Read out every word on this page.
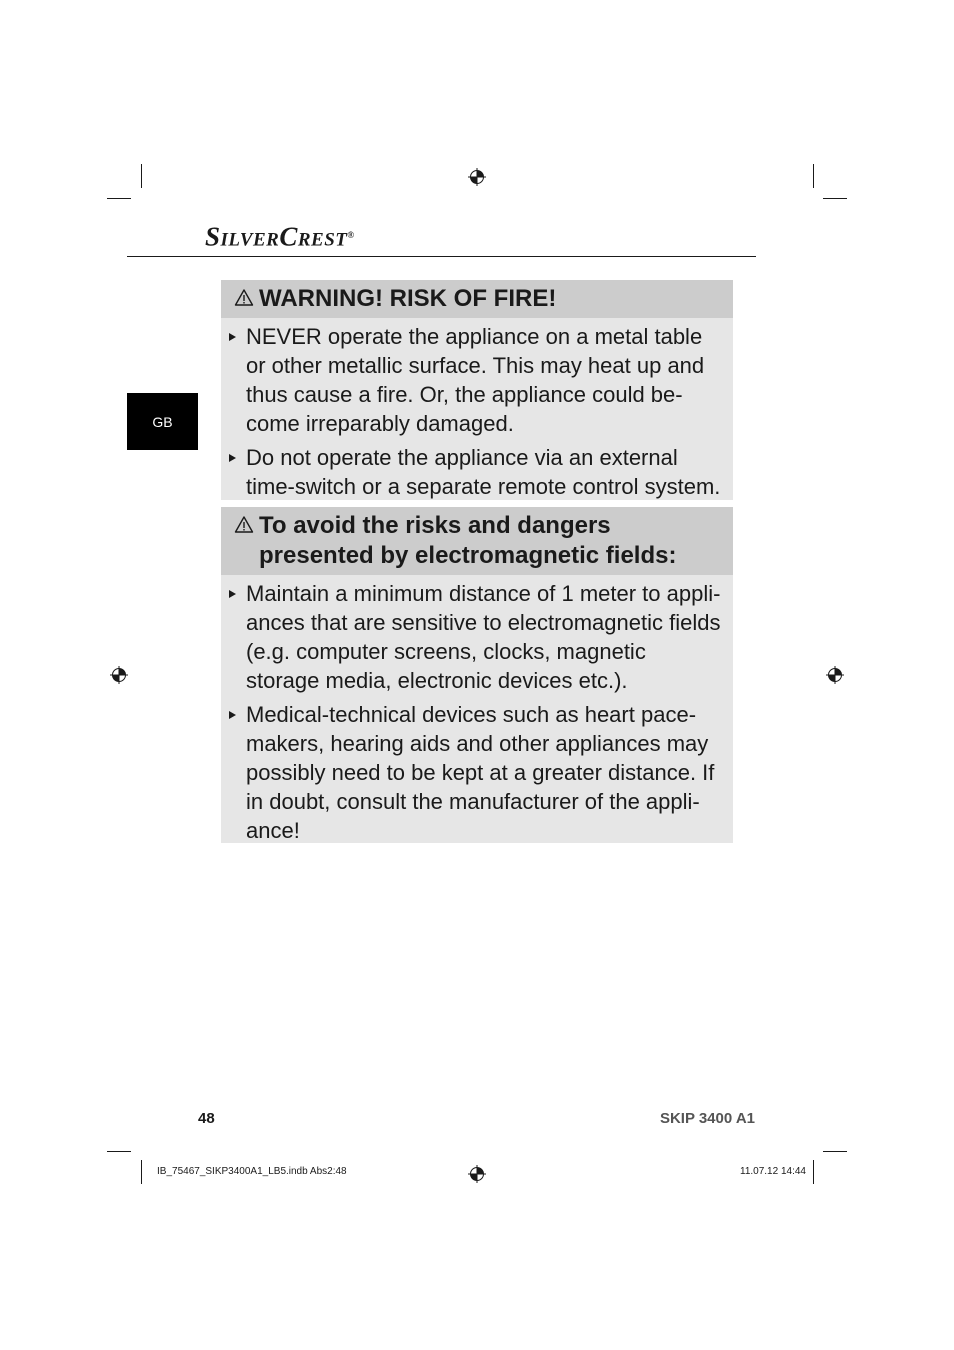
SILVERCREST®
GB
WARNING! RISK OF FIRE!
NEVER operate the appliance on a metal table or other metallic surface. This may heat up and thus cause a fire. Or, the appliance could become irreparably damaged.
Do not operate the appliance via an external time-switch or a separate remote control system.
To avoid the risks and dangers presented by electromagnetic fields:
Maintain a minimum distance of 1 meter to appliances that are sensitive to electromagnetic fields (e.g. computer screens, clocks, magnetic storage media, electronic devices etc.).
Medical-technical devices such as heart pacemakers, hearing aids and other appliances may possibly need to be kept at a greater distance. If in doubt, consult the manufacturer of the appliance!
48	SKIP 3400 A1
IB_75467_SIKP3400A1_LB5.indb Abs2:48	11.07.12 14:44
